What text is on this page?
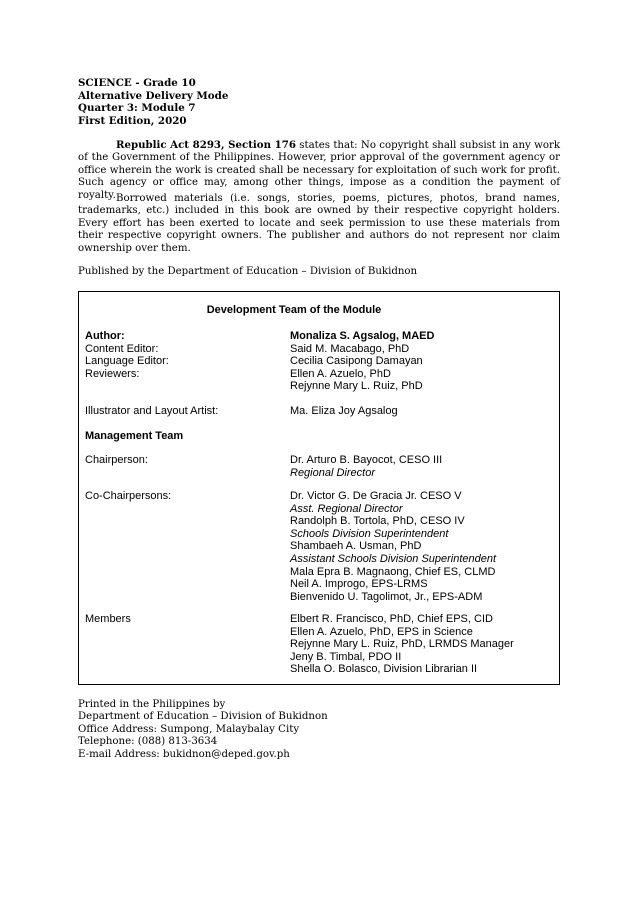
SCIENCE - Grade 10
Alternative Delivery Mode
Quarter 3: Module 7
First Edition, 2020
Republic Act 8293, Section 176 states that: No copyright shall subsist in any work of the Government of the Philippines. However, prior approval of the government agency or office wherein the work is created shall be necessary for exploitation of such work for profit. Such agency or office may, among other things, impose as a condition the payment of royalty. Borrowed materials (i.e. songs, stories, poems, pictures, photos, brand names, trademarks, etc.) included in this book are owned by their respective copyright holders. Every effort has been exerted to locate and seek permission to use these materials from their respective copyright owners. The publisher and authors do not represent nor claim ownership over them.
Published by the Department of Education – Division of Bukidnon
Development Team of the Module
Author:	Monaliza S. Agsalog, MAED
Content Editor:	Said M. Macabago, PhD
Language Editor:	Cecilia Casipong Damayan
Reviewers:	Ellen A. Azuelo, PhD
Rejynne Mary L. Ruiz, PhD
Illustrator and Layout Artist:	Ma. Eliza Joy Agsalog
Management Team
Chairperson:	Dr. Arturo B. Bayocot, CESO III
Regional Director
Co-Chairpersons:	Dr. Victor G. De Gracia Jr. CESO V
Asst. Regional Director
Randolph B. Tortola, PhD, CESO IV
Schools Division Superintendent
Shambaeh A. Usman, PhD
Assistant Schools Division Superintendent
Mala Epra B. Magnaong, Chief ES, CLMD
Neil A. Improgo, EPS-LRMS
Bienvenido U. Tagolimot, Jr., EPS-ADM
Members	Elbert R. Francisco, PhD, Chief EPS, CID
Ellen A. Azuelo, PhD, EPS in Science
Rejynne Mary L. Ruiz, PhD, LRMDS Manager
Jeny B. Timbal, PDO II
Shella O. Bolasco, Division Librarian II
Printed in the Philippines by
Department of Education – Division of Bukidnon
Office Address: Sumpong, Malaybalay City
Telephone: (088) 813-3634
E-mail Address: bukidnon@deped.gov.ph
